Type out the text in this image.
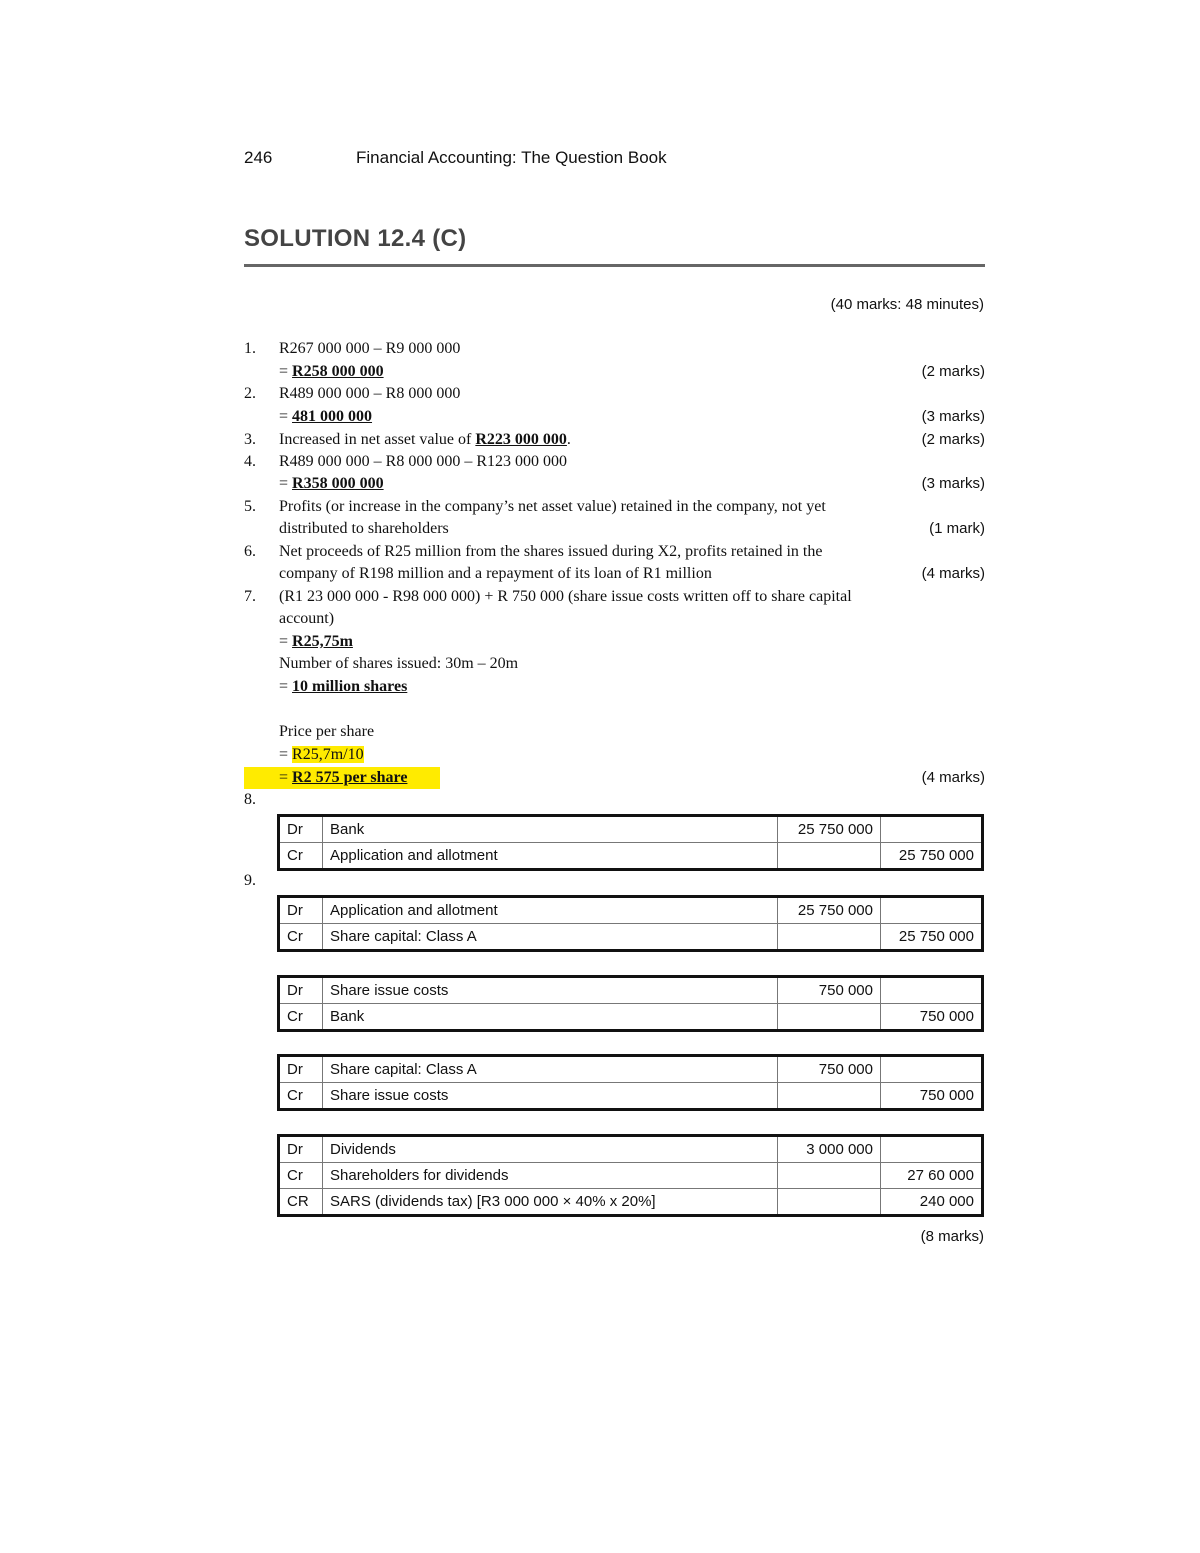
246	Financial Accounting: The Question Book
SOLUTION 12.4 (C)
(40 marks: 48 minutes)
1. R267 000 000 – R9 000 000
= R258 000 000	(2 marks)
2. R489 000 000 – R8 000 000
= 481 000 000	(3 marks)
3. Increased in net asset value of R223 000 000.	(2 marks)
4. R489 000 000 – R8 000 000 – R123 000 000
= R358 000 000	(3 marks)
5. Profits (or increase in the company’s net asset value) retained in the company, not yet
distributed to shareholders	(1 mark)
6. Net proceeds of R25 million from the shares issued during X2, profits retained in the
company of R198 million and a repayment of its loan of R1 million	(4 marks)
7. (R1 23 000 000 - R98 000 000) + R 750 000 (share issue costs written off to share capital
account)
= R25,75m
Number of shares issued: 30m – 20m
= 10 million shares
Price per share
= R25,7m/10
= R2 575 per share	(4 marks)
8.
Dr	Bank	25 750 000	
Cr	Application and allotment		25 750 000
9.
Dr	Application and allotment	25 750 000	
Cr	Share capital: Class A		25 750 000
Dr	Share issue costs	750 000	
Cr	Bank		750 000
Dr	Share capital: Class A	750 000	
Cr	Share issue costs		750 000
Dr	Dividends	3 000 000	
Cr	Shareholders for dividends		27 60 000
CR	SARS (dividends tax) [R3 000 000 × 40% x 20%]		240 000
(8 marks)
